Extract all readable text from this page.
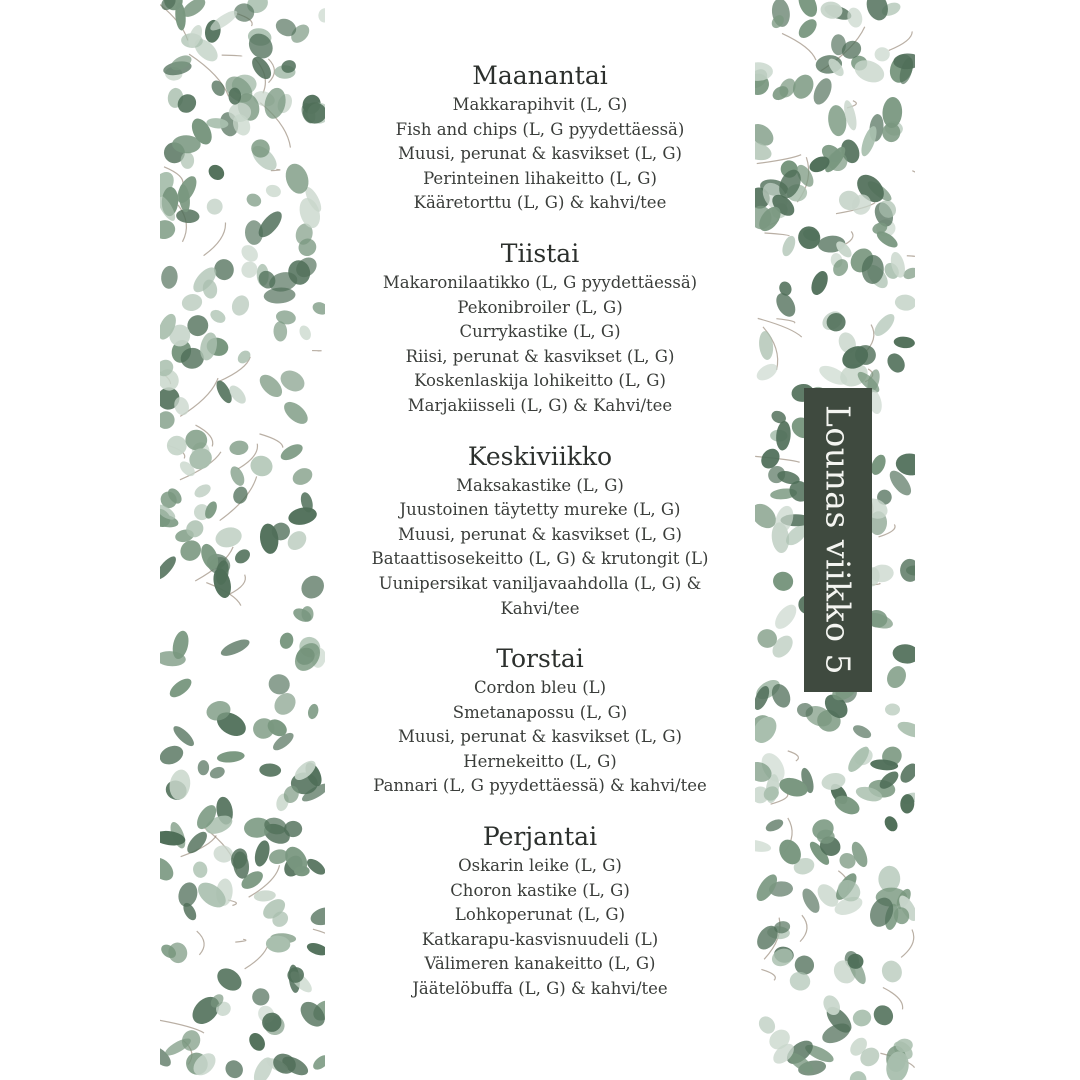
Maanantai
Makkarapihvit (L, G)
Fish and chips (L, G pyydettäessä)
Muusi, perunat & kasvikset (L, G)
Perinteinen lihakeitto (L, G)
Kääretorttu (L, G) & kahvi/tee
Tiistai
Makaronilaatikko (L, G pyydettäessä)
Pekonibroiler (L, G)
Currykastike (L, G)
Riisi, perunat & kasvikset (L, G)
Koskenlaskija lohikeitto (L, G)
Marjakiisseli (L, G) & Kahvi/tee
Keskiviikko
Maksakastike (L, G)
Juustoinen täytetty mureke (L, G)
Muusi, perunat & kasvikset (L, G)
Bataattisosekeitto (L, G) & krutongit (L)
Uunipersikat vaniljavaahdolla (L, G) & Kahvi/tee
Torstai
Cordon bleu (L)
Smetanapossu (L, G)
Muusi, perunat & kasvikset (L, G)
Hernekeitto (L, G)
Pannari (L, G pyydettäessä) & kahvi/tee
Perjantai
Oskarin leike (L, G)
Choron kastike (L, G)
Lohkoperunat (L, G)
Katkarapu-kasvisnuudeli (L)
Välimeren kanakeitto (L, G)
Jäätelöbuffa (L, G) & kahvi/tee
Lounas viikko 5
